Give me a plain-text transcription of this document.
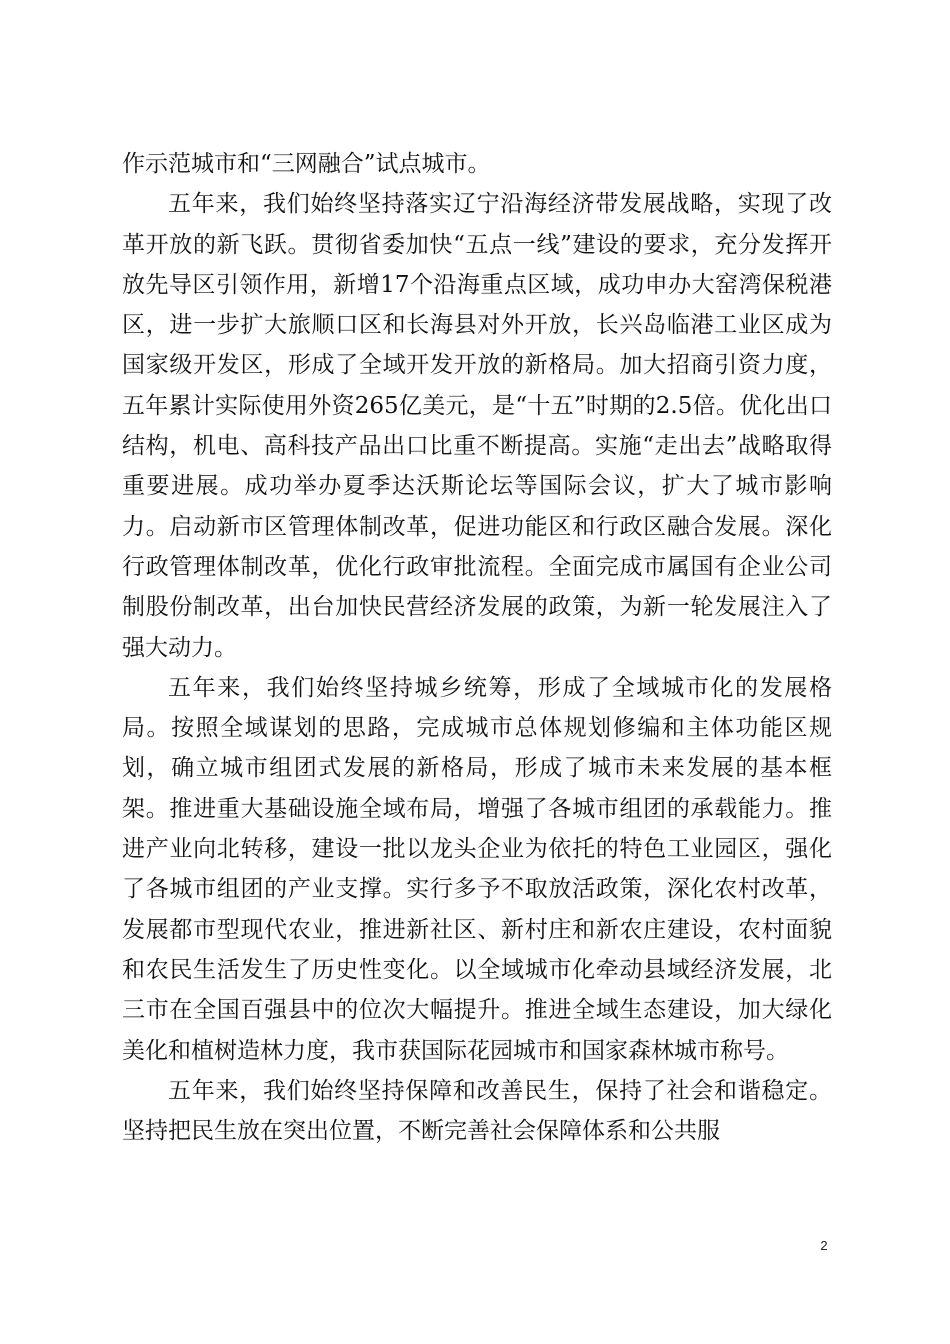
作示范城市和“三网融合”试点城市。

五年来，我们始终坚持落实辽宁沿海经济带发展战略，实现了改革开放的新飞跃。贯彻省委加快“五点一线”建设的要求，充分发挥开放先导区引领作用，新增17个沿海重点区域，成功申办大窑湾保税港区，进一步扩大旅顺口区和长海县对外开放，长兴岛临港工业区成为国家级开发区，形成了全域开发开放的新格局。加大招商引资力度，五年累计实际使用外资265亿美元，是“十五”时期的2.5倍。优化出口结构，机电、高科技产品出口比重不断提高。实施“走出去”战略取得重要进展。成功举办夏季达沃斯论坛等国际会议，扩大了城市影响力。启动新市区管理体制改革，促进功能区和行政区融合发展。深化行政管理体制改革，优化行政审批流程。全面完成市属国有企业公司制股份制改革，出台加快民营经济发展的政策，为新一轮发展注入了强大动力。

五年来，我们始终坚持城乡统筹，形成了全域城市化的发展格局。按照全域谋划的思路，完成城市总体规划修编和主体功能区规划，确立城市组团式发展的新格局，形成了城市未来发展的基本框架。推进重大基础设施全域布局，增强了各城市组团的承载能力。推进产业向北转移，建设一批以龙头企业为依托的特色工业园区，强化了各城市组团的产业支撑。实行多予不取放活政策，深化农村改革，发展都市型现代农业，推进新社区、新村庄和新农庄建设，农村面貌和农民生活发生了历史性变化。以全域城市化牵动县域经济发展，北三市在全国百强县中的位次大幅提升。推进全域生态建设，加大绿化美化和植树造林力度，我市获国际花园城市和国家森林城市称号。

五年来，我们始终坚持保障和改善民生，保持了社会和谐稳定。坚持把民生放在突出位置，不断完善社会保障体系和公共服

2
